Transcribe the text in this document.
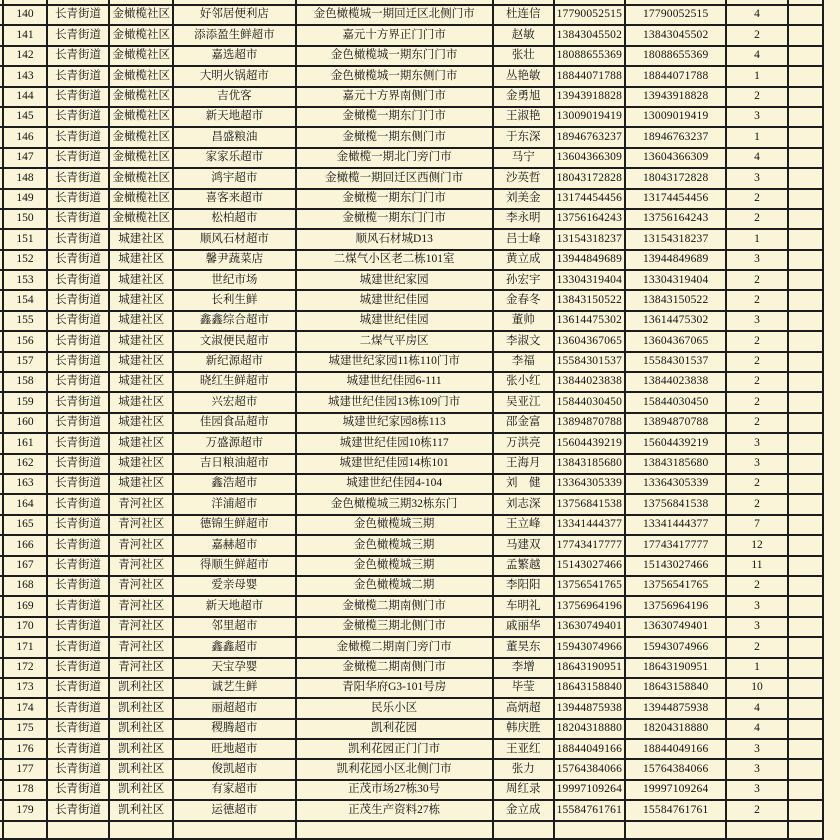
	140	长青街道	金橄榄社区	好邻居便利店	金色橄榄城一期回迁区北侧门市	杜连信	17790052515	17790052515	4	
	141	长青街道	金橄榄社区	添添盈生鲜超市	嘉元十方界正门门市	赵敏	13843045502	13843045502	2	
	142	长青街道	金橄榄社区	嘉选超市	金色橄榄城一期东门门市	张壮	18088655369	18088655369	4	
	143	长青街道	金橄榄社区	大明火锅超市	金色橄榄城一期东侧门市	丛艳敏	18844071788	18844071788	1	
	144	长青街道	金橄榄社区	吉优客	嘉元十方界南侧门市	金勇旭	13943918828	13943918828	2	
	145	长青街道	金橄榄社区	新天地超市	金橄榄一期东门门市	王淑艳	13009019419	13009019419	3	
	146	长青街道	金橄榄社区	昌盛粮油	金橄榄一期东侧门市	于东深	18946763237	18946763237	1	
	147	长青街道	金橄榄社区	家家乐超市	金橄榄一期北门旁门市	马宁	13604366309	13604366309	4	
	148	长青街道	金橄榄社区	鸿宇超市	金橄榄一期回迁区西侧门市	沙英哲	18043172828	18043172828	3	
	149	长青街道	金橄榄社区	喜客来超市	金橄榄一期东门门市	刘美金	13174454456	13174454456	2	
	150	长青街道	金橄榄社区	松柏超市	金橄榄一期东门门市	李永明	13756164243	13756164243	2	
	151	长青街道	城建社区	顺风石材超市	顺风石材城D13	吕士峰	13154318237	13154318237	1	
	152	长青街道	城建社区	馨尹蔬菜店	二煤气小区老二栋101室	黄立成	13944849689	13944849689	3	
	153	长青街道	城建社区	世纪市场	城建世纪家园	孙宏宇	13304319404	13304319404	2	
	154	长青街道	城建社区	长利生鲜	城建世纪佳园	金春冬	13843150522	13843150522	2	
	155	长青街道	城建社区	鑫鑫综合超市	城建世纪佳园	董帅	13614475302	13614475302	3	
	156	长青街道	城建社区	文淑便民超市	二煤气平房区	李淑文	13604367065	13604367065	2	
	157	长青街道	城建社区	新纪源超市	城建世纪家园11栋110门市	李福	15584301537	15584301537	2	
	158	长青街道	城建社区	晓红生鲜超市	城建世纪佳园6-111	张小红	13844023838	13844023838	2	
	159	长青街道	城建社区	兴宏超市	城建世纪佳园13栋109门市	吴亚江	15844030450	15844030450	2	
	160	长青街道	城建社区	佳园食品超市	城建世纪家园8栋113	邵金富	13894870788	13894870788	2	
	161	长青街道	城建社区	万盛源超市	城建世纪佳园10栋117	万洪亮	15604439219	15604439219	3	
	162	长青街道	城建社区	吉日粮油超市	城建世纪佳园14栋101	王海月	13843185680	13843185680	3	
	163	长青街道	城建社区	鑫浩超市	城建世纪佳园4-104	刘　健	13364305339	13364305339	2	
	164	长青街道	青河社区	洋浦超市	金色橄榄城三期32栋东门	刘志深	13756841538	13756841538	2	
	165	长青街道	青河社区	德锦生鲜超市	金色橄榄城三期	王立峰	13341444377	13341444377	7	
	166	长青街道	青河社区	嘉赫超市	金色橄榄城三期	马建双	17743417777	17743417777	12	
	167	长青街道	青河社区	得顺生鲜超市	金色橄榄城三期	孟繁越	15143027466	15143027466	11	
	168	长青街道	青河社区	爱亲母婴	金色橄榄城二期	李阳阳	13756541765	13756541765	2	
	169	长青街道	青河社区	新天地超市	金橄榄二期南侧门市	车明礼	13756964196	13756964196	3	
	170	长青街道	青河社区	邻里超市	金橄榄三期北侧门市	戚丽华	13630749401	13630749401	3	
	171	长青街道	青河社区	鑫鑫超市	金橄榄二期南门旁门市	董昊东	15943074966	15943074966	2	
	172	长青街道	青河社区	天宝孕婴	金橄榄二期南侧门市	李增	18643190951	18643190951	1	
	173	长青街道	凯利社区	诚艺生鲜	青阳华府G3-101号房	毕莹	18643158840	18643158840	10	
	174	长青街道	凯利社区	丽超超市	民乐小区	高炳超	13944875938	13944875938	4	
	175	长青街道	凯利社区	稷腾超市	凯利花园	韩庆胜	18204318880	18204318880	4	
	176	长青街道	凯利社区	旺地超市	凯利花园正门门市	王亚红	18844049166	18844049166	3	
	177	长青街道	凯利社区	俊凯超市	凯利花园小区北侧门市	张力	15764384066	15764384066	3	
	178	长青街道	凯利社区	有家超市	正茂市场27栋30号	周红录	19997109264	19997109264	3	
	179	长青街道	凯利社区	运德超市	正茂生产资料27栋	金立成	15584761761	15584761761	2	
